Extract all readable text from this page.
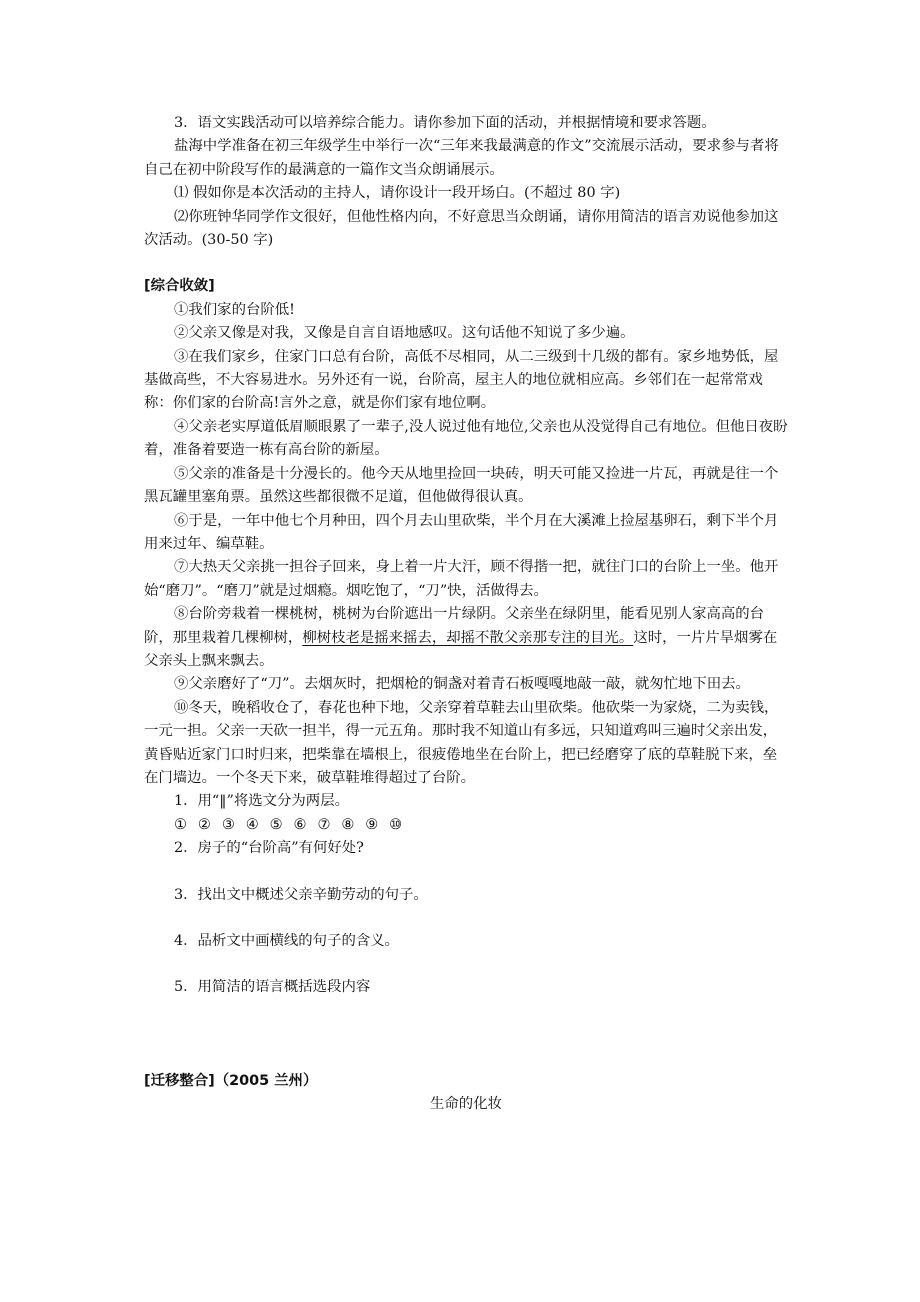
3．语文实践活动可以培养综合能力。请你参加下面的活动，并根据情境和要求答题。

盐海中学准备在初三年级学生中举行一次“三年来我最满意的作文”交流展示活动，要求参与者将自己在初中阶段写作的最满意的一篇作文当众朗诵展示。

⑴ 假如你是本次活动的主持人，请你设计一段开场白。(不超过 80 字)

⑵你班钟华同学作文很好，但他性格内向，不好意思当众朗诵，请你用简洁的语言劝说他参加这次活动。(30-50 字)

[综合收敛]

①我们家的台阶低!

②父亲又像是对我，又像是自言自语地感叹。这句话他不知说了多少遍。

③在我们家乡，住家门口总有台阶，高低不尽相同，从二三级到十几级的都有。家乡地势低，屋基做高些，不大容易进水。另外还有一说，台阶高，屋主人的地位就相应高。乡邻们在一起常常戏称：你们家的台阶高!言外之意，就是你们家有地位啊。

④父亲老实厚道低眉顺眼累了一辈子,没人说过他有地位,父亲也从没觉得自己有地位。但他日夜盼着，准备着要造一栋有高台阶的新屋。

⑤父亲的准备是十分漫长的。他今天从地里捡回一块砖，明天可能又捡进一片瓦，再就是往一个黑瓦罐里塞角票。虽然这些都很微不足道，但他做得很认真。

⑥于是，一年中他七个月种田，四个月去山里砍柴，半个月在大溪滩上捡屋基卵石，剩下半个月用来过年、编草鞋。

⑦大热天父亲挑一担谷子回来，身上着一片大汗，顾不得揩一把，就往门口的台阶上一坐。他开始“磨刀”。“磨刀”就是过烟瘾。烟吃饱了，“刀”快，活做得去。

⑧台阶旁栽着一棵桃树，桃树为台阶遮出一片绿阴。父亲坐在绿阴里，能看见别人家高高的台阶，那里栽着几棵柳树，柳树枝老是摇来摇去，却摇不散父亲那专注的目光。这时，一片片旱烟雾在父亲头上飘来飘去。

⑨父亲磨好了“刀”。去烟灰时，把烟枪的铜盏对着青石板嘎嘎地敲一敲，就匆忙地下田去。

⑩冬天，晚稻收仓了，春花也种下地，父亲穿着草鞋去山里砍柴。他砍柴一为家烧，二为卖钱，一元一担。父亲一天砍一担半，得一元五角。那时我不知道山有多远，只知道鸡叫三遍时父亲出发，黄昏贴近家门口时归来，把柴靠在墙根上，很疲倦地坐在台阶上，把已经磨穿了底的草鞋脱下来，垒在门墙边。一个冬天下来，破草鞋堆得超过了台阶。

1．用“‖”将选文分为两层。

① ② ③ ④ ⑤ ⑥ ⑦ ⑧ ⑨ ⑩

2．房子的“台阶高”有何好处?

3．找出文中概述父亲辛勤劳动的句子。

4．品析文中画横线的句子的含义。

5．用简洁的语言概括选段内容

[迁移整合]（2005 兰州）

生命的化妆
